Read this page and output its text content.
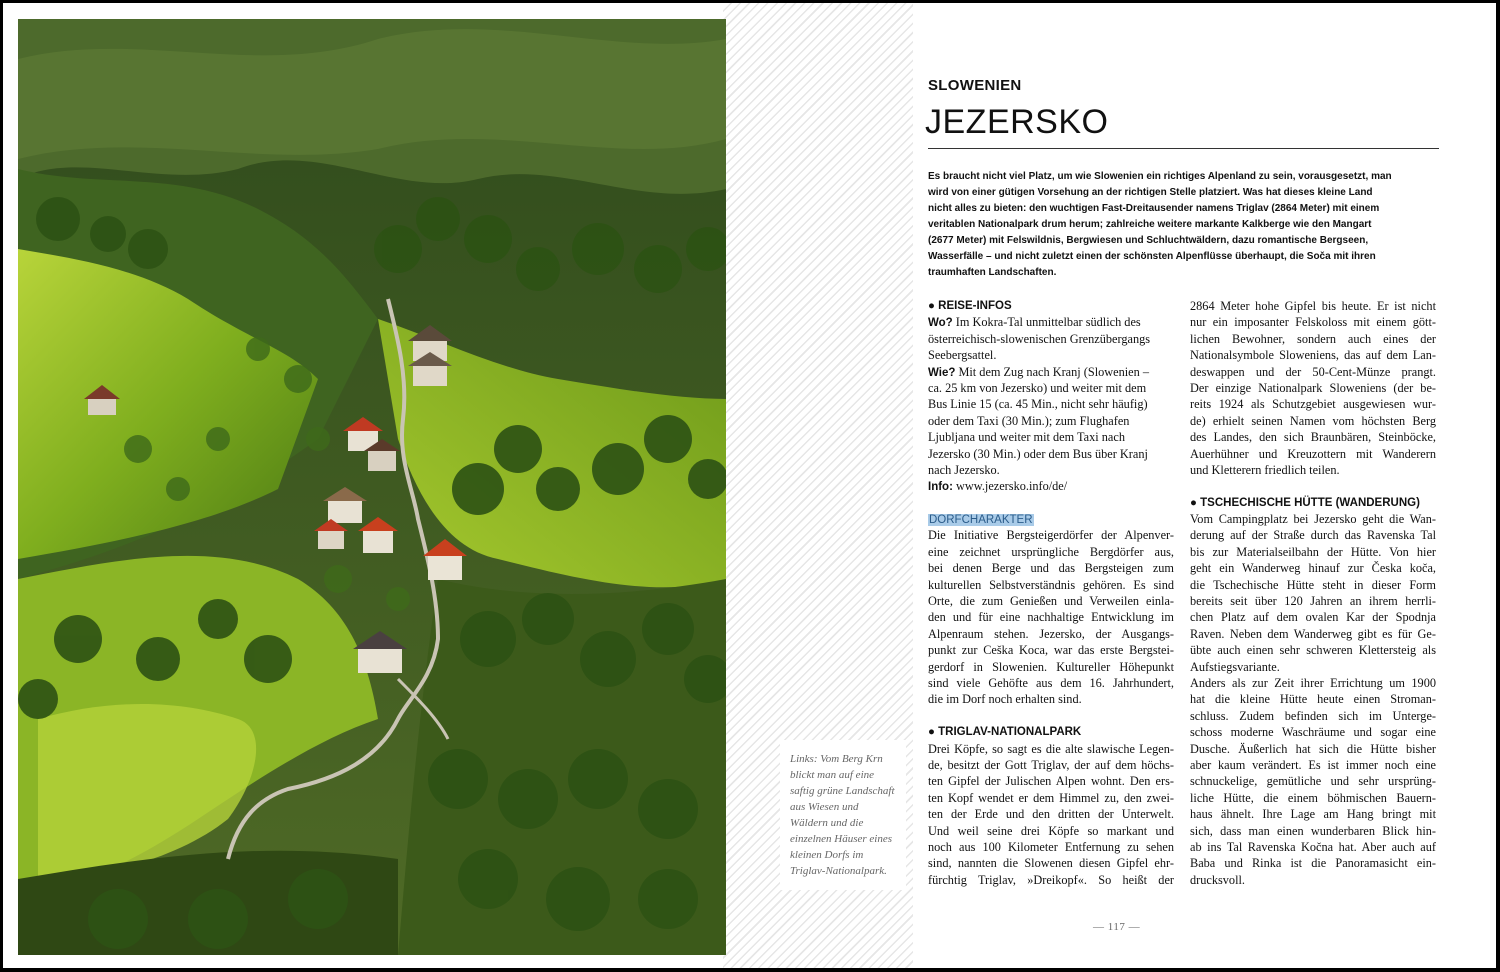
Links: Vom Berg Krn
blickt man auf eine
saftig grüne Landschaft
aus Wiesen und
Wäldern und die
einzelnen Häuser eines
kleinen Dorfs im
Triglav-Nationalpark.
SLOWENIEN
JEZERSKO
Es braucht nicht viel Platz, um wie Slowenien ein richtiges Alpenland zu sein, vorausgesetzt, man
wird von einer gütigen Vorsehung an der richtigen Stelle platziert. Was hat dieses kleine Land
nicht alles zu bieten: den wuchtigen Fast-Dreitausender namens Triglav (2864 Meter) mit einem
veritablen Nationalpark drum herum; zahlreiche weitere markante Kalkberge wie den Mangart
(2677 Meter) mit Felswildnis, Bergwiesen und Schluchtwäldern, dazu romantische Bergseen,
Wasserfälle – und nicht zuletzt einen der schönsten Alpenflüsse überhaupt, die Soča mit ihren
traumhaften Landschaften.
● REISE-INFOS
Wo? Im Kokra-Tal unmittelbar südlich des
österreichisch-slowenischen Grenzübergangs
Seebergsattel.
Wie? Mit dem Zug nach Kranj (Slowenien –
ca. 25 km von Jezersko) und weiter mit dem
Bus Linie 15 (ca. 45 Min., nicht sehr häufig)
oder dem Taxi (30 Min.); zum Flughafen
Ljubljana und weiter mit dem Taxi nach
Jezersko (30 Min.) oder dem Bus über Kranj
nach Jezersko.
Info: www.jezersko.info/de/
DORFCHARAKTER
Die Initiative Bergsteigerdörfer der Alpenver-
eine zeichnet ursprüngliche Bergdörfer aus,
bei denen Berge und das Bergsteigen zum
kulturellen Selbstverständnis gehören. Es sind
Orte, die zum Genießen und Verweilen einla-
den und für eine nachhaltige Entwicklung im
Alpenraum stehen. Jezersko, der Ausgangs-
punkt zur Ceška Koca, war das erste Bergstei-
gerdorf in Slowenien. Kultureller Höhepunkt
sind viele Gehöfte aus dem 16. Jahrhundert,
die im Dorf noch erhalten sind.
● TRIGLAV-NATIONALPARK
Drei Köpfe, so sagt es die alte slawische Legen-
de, besitzt der Gott Triglav, der auf dem höchs-
ten Gipfel der Julischen Alpen wohnt. Den ers-
ten Kopf wendet er dem Himmel zu, den zwei-
ten der Erde und den dritten der Unterwelt.
Und weil seine drei Köpfe so markant und
noch aus 100 Kilometer Entfernung zu sehen
sind, nannten die Slowenen diesen Gipfel ehr-
fürchtig Triglav, »Dreikopf«. So heißt der
2864 Meter hohe Gipfel bis heute. Er ist nicht
nur ein imposanter Felskoloss mit einem gött-
lichen Bewohner, sondern auch eines der
Nationalsymbole Sloweniens, das auf dem Lan-
deswappen und der 50-Cent-Münze prangt.
Der einzige Nationalpark Sloweniens (der be-
reits 1924 als Schutzgebiet ausgewiesen wur-
de) erhielt seinen Namen vom höchsten Berg
des Landes, den sich Braunbären, Steinböcke,
Auerhühner und Kreuzottern mit Wanderern
und Kletterern friedlich teilen.
● TSCHECHISCHE HÜTTE (WANDERUNG)
Vom Campingplatz bei Jezersko geht die Wan-
derung auf der Straße durch das Ravenska Tal
bis zur Materialseilbahn der Hütte. Von hier
geht ein Wanderweg hinauf zur Česka koča,
die Tschechische Hütte steht in dieser Form
bereits seit über 120 Jahren an ihrem herrli-
chen Platz auf dem ovalen Kar der Spodnja
Raven. Neben dem Wanderweg gibt es für Ge-
übte auch einen sehr schweren Klettersteig als
Aufstiegsvariante.
Anders als zur Zeit ihrer Errichtung um 1900
hat die kleine Hütte heute einen Stroman-
schluss. Zudem befinden sich im Unterge-
schoss moderne Waschräume und sogar eine
Dusche. Äußerlich hat sich die Hütte bisher
aber kaum verändert. Es ist immer noch eine
schnuckelige, gemütliche und sehr ursprüng-
liche Hütte, die einem böhmischen Bauern-
haus ähnelt. Ihre Lage am Hang bringt mit
sich, dass man einen wunderbaren Blick hin-
ab ins Tal Ravenska Kočna hat. Aber auch auf
Baba und Rinka ist die Panoramasicht ein-
drucksvoll.
— 117 —
